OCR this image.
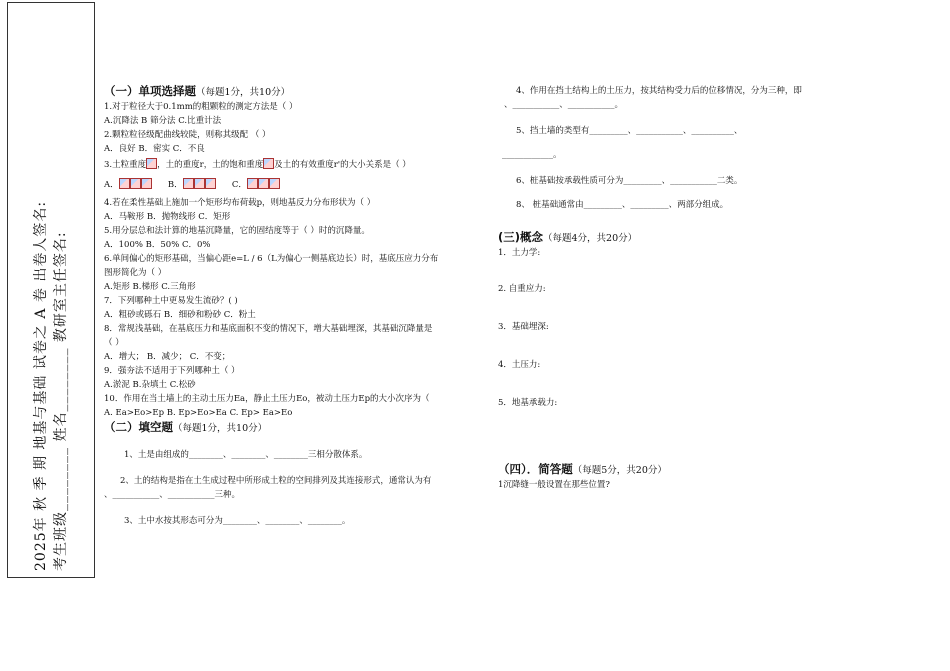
2025年 秋 季 期 地基与基础 试卷之 A 卷 出卷人签名: 考生班级________ 姓名________ 教研室主任签名:

（一）单项选择题（每题1分，共10分）

1.对于粒径大于0.1mm的粗颗粒的测定方法是（ ）

A.沉降法 B 筛分法 C.比重计法

2.颗粒粒径级配曲线较陡，则称其级配 （ ）

A．良好 B．密实 C．不良

3.土粒重度 ，土的重度r，土的饱和重度 及土的有效重度r'的大小关系是（ ）

A．	B．	C．

4.若在柔性基础上施加一个矩形均布荷载p，则地基反力分布形状为（ ）

A．马鞍形 B．抛物线形 C．矩形

5.用分层总和法计算的地基沉降量，它的固结度等于（ ）时的沉降量。

A．100% B．50% C．0%

6.单间偏心的矩形基础，当偏心距e=L / 6（L为偏心一侧基底边长）时，基底压应力分布

图形简化为（ ）

A.矩形 B.梯形 C.三角形

7．下列哪种土中更易发生流砂？( )

A．粗砂或砾石 B．细砂和粉砂 C．粉土

8．常规浅基础，在基底压力和基底面积不变的情况下，增大基础埋深，其基础沉降量是

（ ）

A．增大； B．减少； C．不变；

9．强夯法不适用于下列哪种土（ ）

A.淤泥 B.杂填土 C.松砂

10．作用在当土墙上的主动土压力Ea，静止土压力Eo，被动土压力Ep的大小次序为（

A. Ea>Eo>Ep B. Ep>Eo>Ea C. Ep> Ea>Eo

（二）填空题（每题1分，共10分）

1、土是由组成的________、________、________三相分散体系。

2、土的结构是指在土生成过程中所形成土粒的空间排列及其连接形式，通常认为有

、___________、___________三种。

3、土中水按其形态可分为________、________、________。

4、作用在挡土结构上的土压力，按其结构受力后的位移情况，分为三种，即

、___________、___________。

5、挡土墙的类型有_________、___________、__________、

____________。

6、桩基础按承载性质可分为_________、___________二类。

8、 桩基础通常由_________、_________、两部分组成。

(三)概念（每题4分，共20分）

1．土力学:

2. 自重应力:

3．基础埋深:

4．土压力:

5．地基承载力:

（四）．简答题（每题5分，共20分）

1沉降缝一般设置在那些位置?
